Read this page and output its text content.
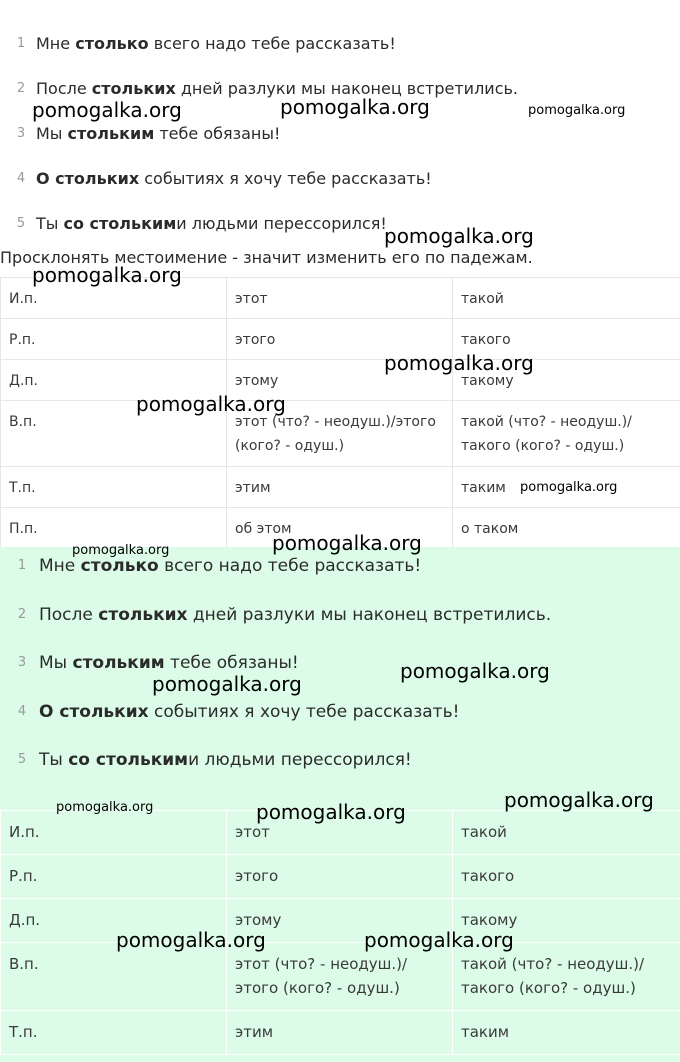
1 Мне столько всего надо тебе рассказать!
2 После стольких дней разлуки мы наконец встретились.
3 Мы стольким тебе обязаны!
4 О стольких событиях я хочу тебе рассказать!
5 Ты со столькими людьми перессорился!
Просклонять местоимение - значит изменить его по падежам.
И.п.	этот	такой
Р.п.	этого	такого
Д.п.	этому	такому
В.п.	этот (что? - неодуш.)/этого (кого? - одуш.)	такой (что? - неодуш.)/ такого (кого? - одуш.)
Т.п.	этим	таким
П.п.	об этом	о таком
1 Мне столько всего надо тебе рассказать!
2 После стольких дней разлуки мы наконец встретились.
3 Мы стольким тебе обязаны!
4 О стольких событиях я хочу тебе рассказать!
5 Ты со столькими людьми перессорился!
И.п.	этот	такой
Р.п.	этого	такого
Д.п.	этому	такому
В.п.	этот (что? - неодуш.)/этого (кого? - одуш.)	такой (что? - неодуш.)/ такого (кого? - одуш.)
Т.п.	этим	таким
pomogalka.org	pomogalka.org	pomogalka.org
pomogalka.org
pomogalka.org
pomogalka.org
pomogalka.org
pomogalka.org
pomogalka.org
pomogalka.org
pomogalka.org
pomogalka.org
pomogalka.org
pomogalka.org	pomogalka.org
pomogalka.org	pomogalka.org
